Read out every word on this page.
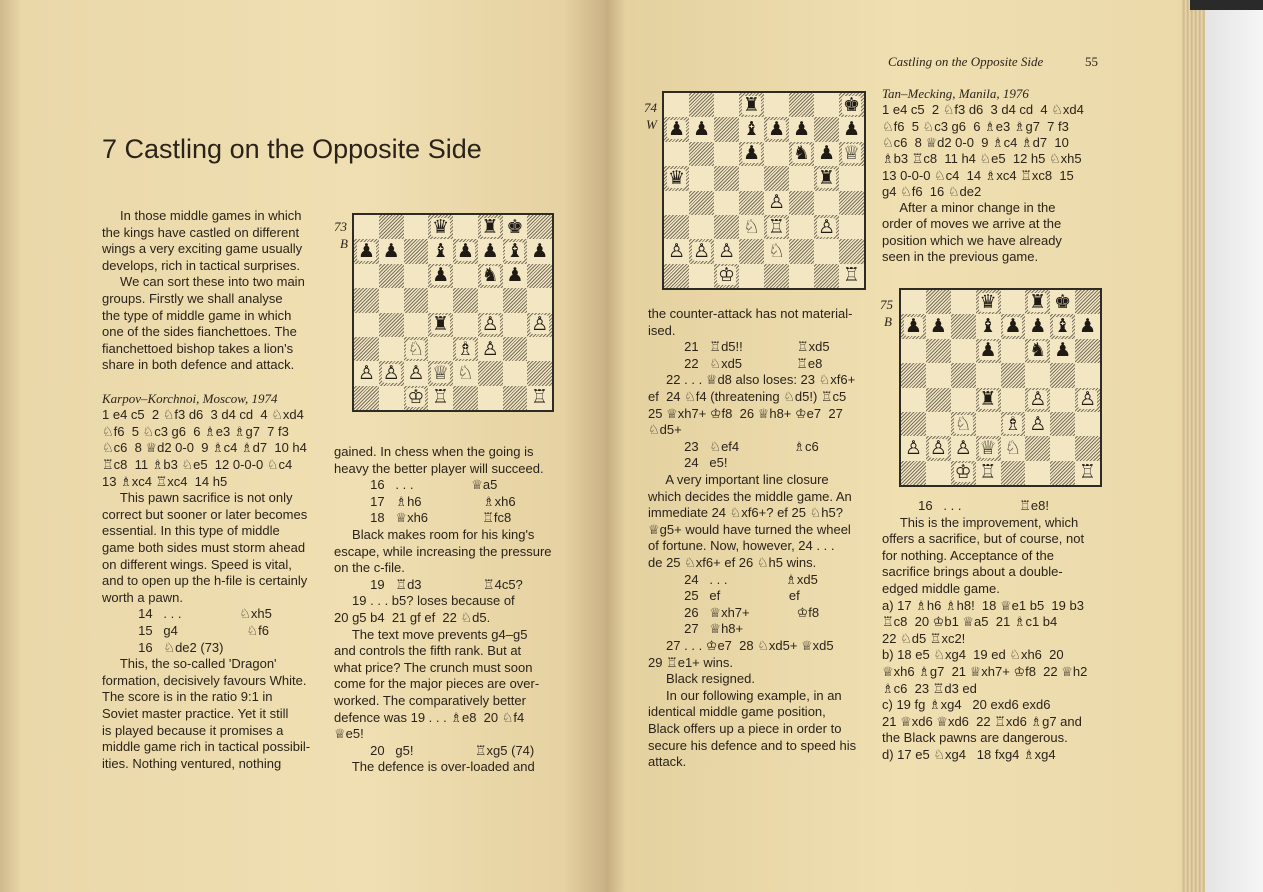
7 Castling on the Opposite Side
73
B
♛ ♜ ♚
♟ ♟ ♝ ♟ ♟ ♝ ♟
♟ ♞ ♟
♜ ♙ ♙
♘ ♗ ♙
♙ ♙ ♙ ♕ ♘
♔ ♖	♖
In those middle games in which
the kings have castled on different
wings a very exciting game usually
develops, rich in tactical surprises.
We can sort these into two main
groups. Firstly we shall analyse
the type of middle game in which
one of the sides fianchettoes. The
fianchettoed bishop takes a lion's
share in both defence and attack.
Karpov–Korchnoi, Moscow, 1974
1 e4 c5  2 ♘f3 d6  3 d4 cd  4 ♘xd4
♘f6  5 ♘c3 g6  6 ♗e3 ♗g7  7 f3
♘c6  8 ♕d2 0-0  9 ♗c4 ♗d7  10 h4
♖c8  11 ♗b3 ♘e5  12 0-0-0 ♘c4
13 ♗xc4 ♖xc4  14 h5
This pawn sacrifice is not only
correct but sooner or later becomes
essential. In this type of middle
game both sides must storm ahead
on different wings. Speed is vital,
and to open up the h-file is certainly
worth a pawn.
14   . . .                ♘xh5
15   g4                   ♘f6
16   ♘de2 (73)
This, the so-called 'Dragon'
formation, decisively favours White.
The score is in the ratio 9:1 in
Soviet master practice. Yet it still
is played because it promises a
middle game rich in tactical possibil-
ities. Nothing ventured, nothing
gained. In chess when the going is
heavy the better player will succeed.
16   . . .                ♕a5
17   ♗h6                 ♗xh6
18   ♕xh6               ♖fc8
Black makes room for his king's
escape, while increasing the pressure
on the c-file.
19   ♖d3                 ♖4c5?
19 . . . b5? loses because of
20 g5 b4  21 gf ef  22 ♘d5.
The text move prevents g4–g5
and controls the fifth rank. But at
what price? The crunch must soon
come for the major pieces are over-
worked. The comparatively better
defence was 19 . . . ♗e8  20 ♘f4
♕e5!
20   g5!                 ♖xg5 (74)
The defence is over-loaded and
Castling on the Opposite Side	55
74
W
♜	♚
♟ ♟ ♝ ♟ ♟ ♟
♟ ♞ ♟ ♕
♛	♜
♙
♘ ♖ ♙
♙ ♙ ♙ ♘
♔	♖
75
B
♛ ♜ ♚
♟ ♟ ♝ ♟ ♟ ♝ ♟
♟ ♞ ♟
♜ ♙ ♙
♘ ♗ ♙
♙ ♙ ♙ ♕ ♘
♔ ♖	♖
the counter-attack has not material-
ised.
21   ♖d5!!               ♖xd5
22   ♘xd5               ♖e8
22 . . . ♕d8 also loses: 23 ♘xf6+
ef  24 ♘f4 (threatening ♘d5!) ♖c5
25 ♕xh7+ ♔f8  26 ♕h8+ ♔e7  27
♘d5+
23   ♘ef4               ♗c6
24   e5!
A very important line closure
which decides the middle game. An
immediate 24 ♘xf6+? ef 25 ♘h5?
♕g5+ would have turned the wheel
of fortune. Now, however, 24 . . .
de 25 ♘xf6+ ef 26 ♘h5 wins.
24   . . .                ♗xd5
25   ef                   ef
26   ♕xh7+             ♔f8
27   ♕h8+
27 . . . ♔e7  28 ♘xd5+ ♕xd5
29 ♖e1+ wins.
Black resigned.
In our following example, in an
identical middle game position,
Black offers up a piece in order to
secure his defence and to speed his
attack.
Tan–Mecking, Manila, 1976
1 e4 c5  2 ♘f3 d6  3 d4 cd  4 ♘xd4
♘f6  5 ♘c3 g6  6 ♗e3 ♗g7  7 f3
♘c6  8 ♕d2 0-0  9 ♗c4 ♗d7  10
♗b3 ♖c8  11 h4 ♘e5  12 h5 ♘xh5
13 0-0-0 ♘c4  14 ♗xc4 ♖xc8  15
g4 ♘f6  16 ♘de2
After a minor change in the
order of moves we arrive at the
position which we have already
seen in the previous game.
16   . . .                ♖e8!
This is the improvement, which
offers a sacrifice, but of course, not
for nothing. Acceptance of the
sacrifice brings about a double-
edged middle game.
a) 17 ♗h6 ♗h8!  18 ♕e1 b5  19 b3
♖c8  20 ♔b1 ♕a5  21 ♗c1 b4
22 ♘d5 ♖xc2!
b) 18 e5 ♘xg4  19 ed ♘xh6  20
♕xh6 ♗g7  21 ♕xh7+ ♔f8  22 ♕h2
♗c6  23 ♖d3 ed
c) 19 fg ♗xg4   20 exd6 exd6
21 ♕xd6 ♕xd6  22 ♖xd6 ♗g7 and
the Black pawns are dangerous.
d) 17 e5 ♘xg4   18 fxg4 ♗xg4
